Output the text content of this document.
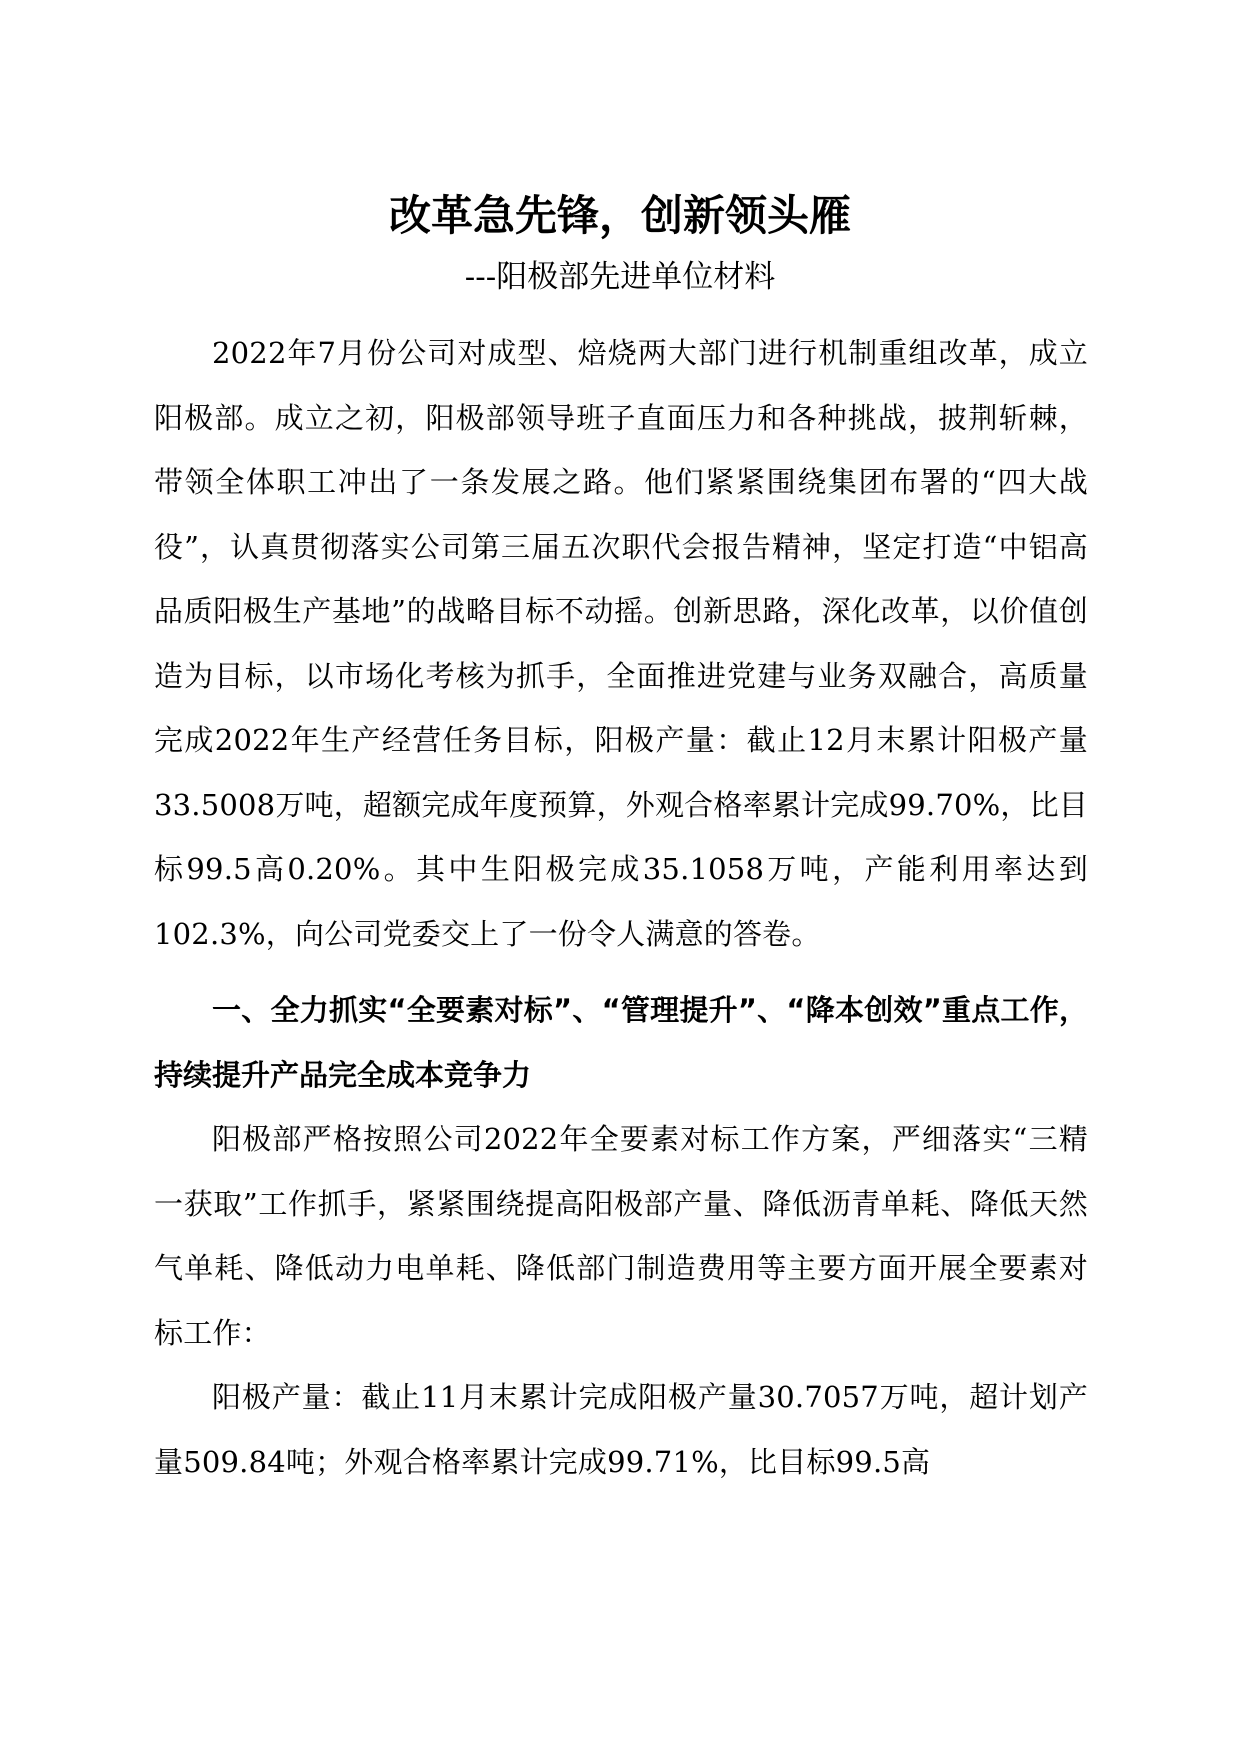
改革急先锋，创新领头雁
---阳极部先进单位材料

2022年7月份公司对成型、焙烧两大部门进行机制重组改革，成立阳极部。成立之初，阳极部领导班子直面压力和各种挑战，披荆斩棘，带领全体职工冲出了一条发展之路。他们紧紧围绕集团布署的“四大战役”，认真贯彻落实公司第三届五次职代会报告精神，坚定打造“中铝高品质阳极生产基地”的战略目标不动摇。创新思路，深化改革，以价值创造为目标，以市场化考核为抓手，全面推进党建与业务双融合，高质量完成2022年生产经营任务目标，阳极产量：截止12月末累计阳极产量33.5008万吨，超额完成年度预算，外观合格率累计完成99.70%，比目标99.5高0.20%。其中生阳极完成35.1058万吨，产能利用率达到102.3%，向公司党委交上了一份令人满意的答卷。

一、全力抓实“全要素对标”、“管理提升”、“降本创效”重点工作，持续提升产品完全成本竞争力

阳极部严格按照公司2022年全要素对标工作方案，严细落实“三精一获取”工作抓手，紧紧围绕提高阳极部产量、降低沥青单耗、降低天然气单耗、降低动力电单耗、降低部门制造费用等主要方面开展全要素对标工作：

阳极产量：截止11月末累计完成阳极产量30.7057万吨，超计划产量509.84吨；外观合格率累计完成99.71%，比目标99.5高
